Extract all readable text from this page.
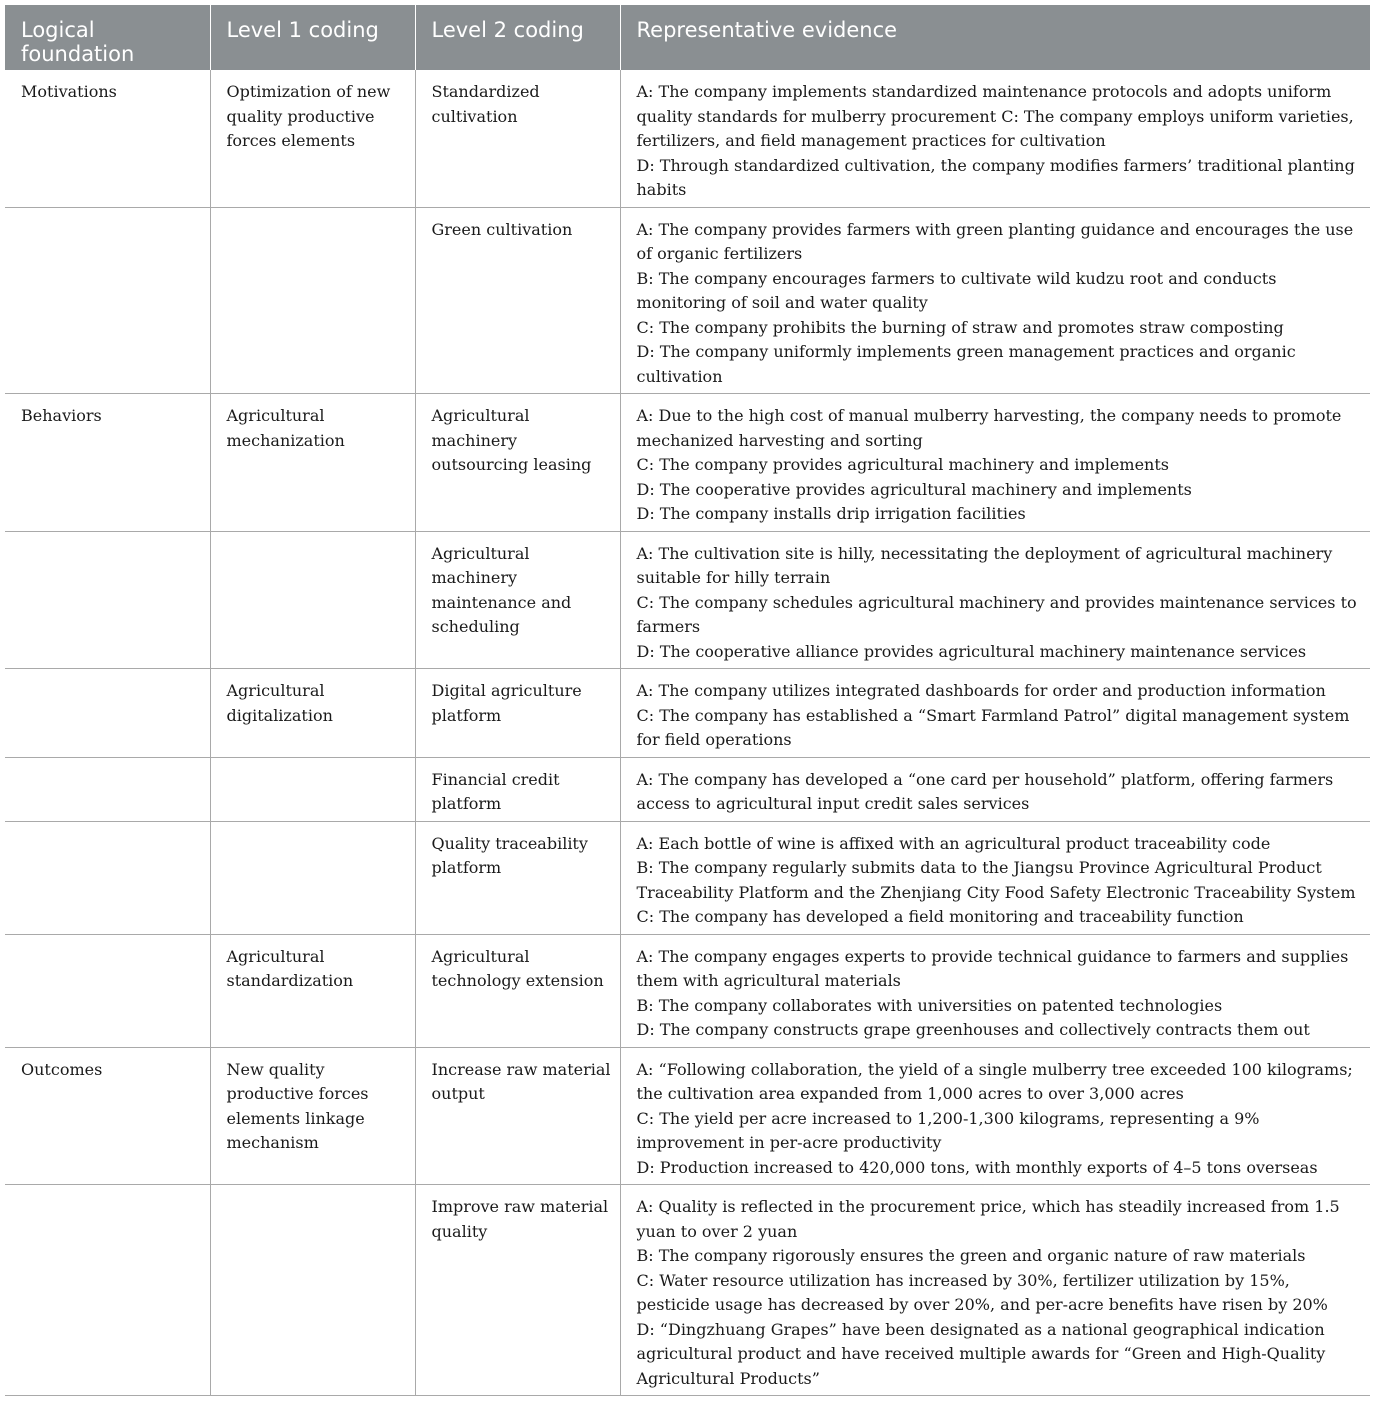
Logical foundation	Level 1 coding	Level 2 coding	Representative evidence
Motivations	Optimization of new quality productive forces elements	Standardized cultivation	A: The company implements standardized maintenance protocols and adopts uniform quality standards for mulberry procurement C: The company employs uniform varieties, fertilizers, and field management practices for cultivation
D: Through standardized cultivation, the company modifies farmers’ traditional planting habits

		Green cultivation	A: The company provides farmers with green planting guidance and encourages the use of organic fertilizers
B: The company encourages farmers to cultivate wild kudzu root and conducts monitoring of soil and water quality
C: The company prohibits the burning of straw and promotes straw composting
D: The company uniformly implements green management practices and organic cultivation

Behaviors	Agricultural mechanization	Agricultural machinery outsourcing leasing	A: Due to the high cost of manual mulberry harvesting, the company needs to promote mechanized harvesting and sorting
C: The company provides agricultural machinery and implements
D: The cooperative provides agricultural machinery and implements
D: The company installs drip irrigation facilities

		Agricultural machinery maintenance and scheduling	A: The cultivation site is hilly, necessitating the deployment of agricultural machinery suitable for hilly terrain
C: The company schedules agricultural machinery and provides maintenance services to farmers
D: The cooperative alliance provides agricultural machinery maintenance services

	Agricultural digitalization	Digital agriculture platform	A: The company utilizes integrated dashboards for order and production information
C: The company has established a “Smart Farmland Patrol” digital management system for field operations

		Financial credit platform	A: The company has developed a “one card per household” platform, offering farmers access to agricultural input credit sales services

		Quality traceability platform	A: Each bottle of wine is affixed with an agricultural product traceability code
B: The company regularly submits data to the Jiangsu Province Agricultural Product Traceability Platform and the Zhenjiang City Food Safety Electronic Traceability System
C: The company has developed a field monitoring and traceability function

	Agricultural standardization	Agricultural technology extension	A: The company engages experts to provide technical guidance to farmers and supplies them with agricultural materials
B: The company collaborates with universities on patented technologies
D: The company constructs grape greenhouses and collectively contracts them out

Outcomes	New quality productive forces elements linkage mechanism	Increase raw material output	A: “Following collaboration, the yield of a single mulberry tree exceeded 100 kilograms; the cultivation area expanded from 1,000 acres to over 3,000 acres
C: The yield per acre increased to 1,200-1,300 kilograms, representing a 9% improvement in per-acre productivity
D: Production increased to 420,000 tons, with monthly exports of 4–5 tons overseas

		Improve raw material quality	A: Quality is reflected in the procurement price, which has steadily increased from 1.5 yuan to over 2 yuan
B: The company rigorously ensures the green and organic nature of raw materials
C: Water resource utilization has increased by 30%, fertilizer utilization by 15%, pesticide usage has decreased by over 20%, and per-acre benefits have risen by 20%
D: “Dingzhuang Grapes” have been designated as a national geographical indication agricultural product and have received multiple awards for “Green and High-Quality Agricultural Products”
